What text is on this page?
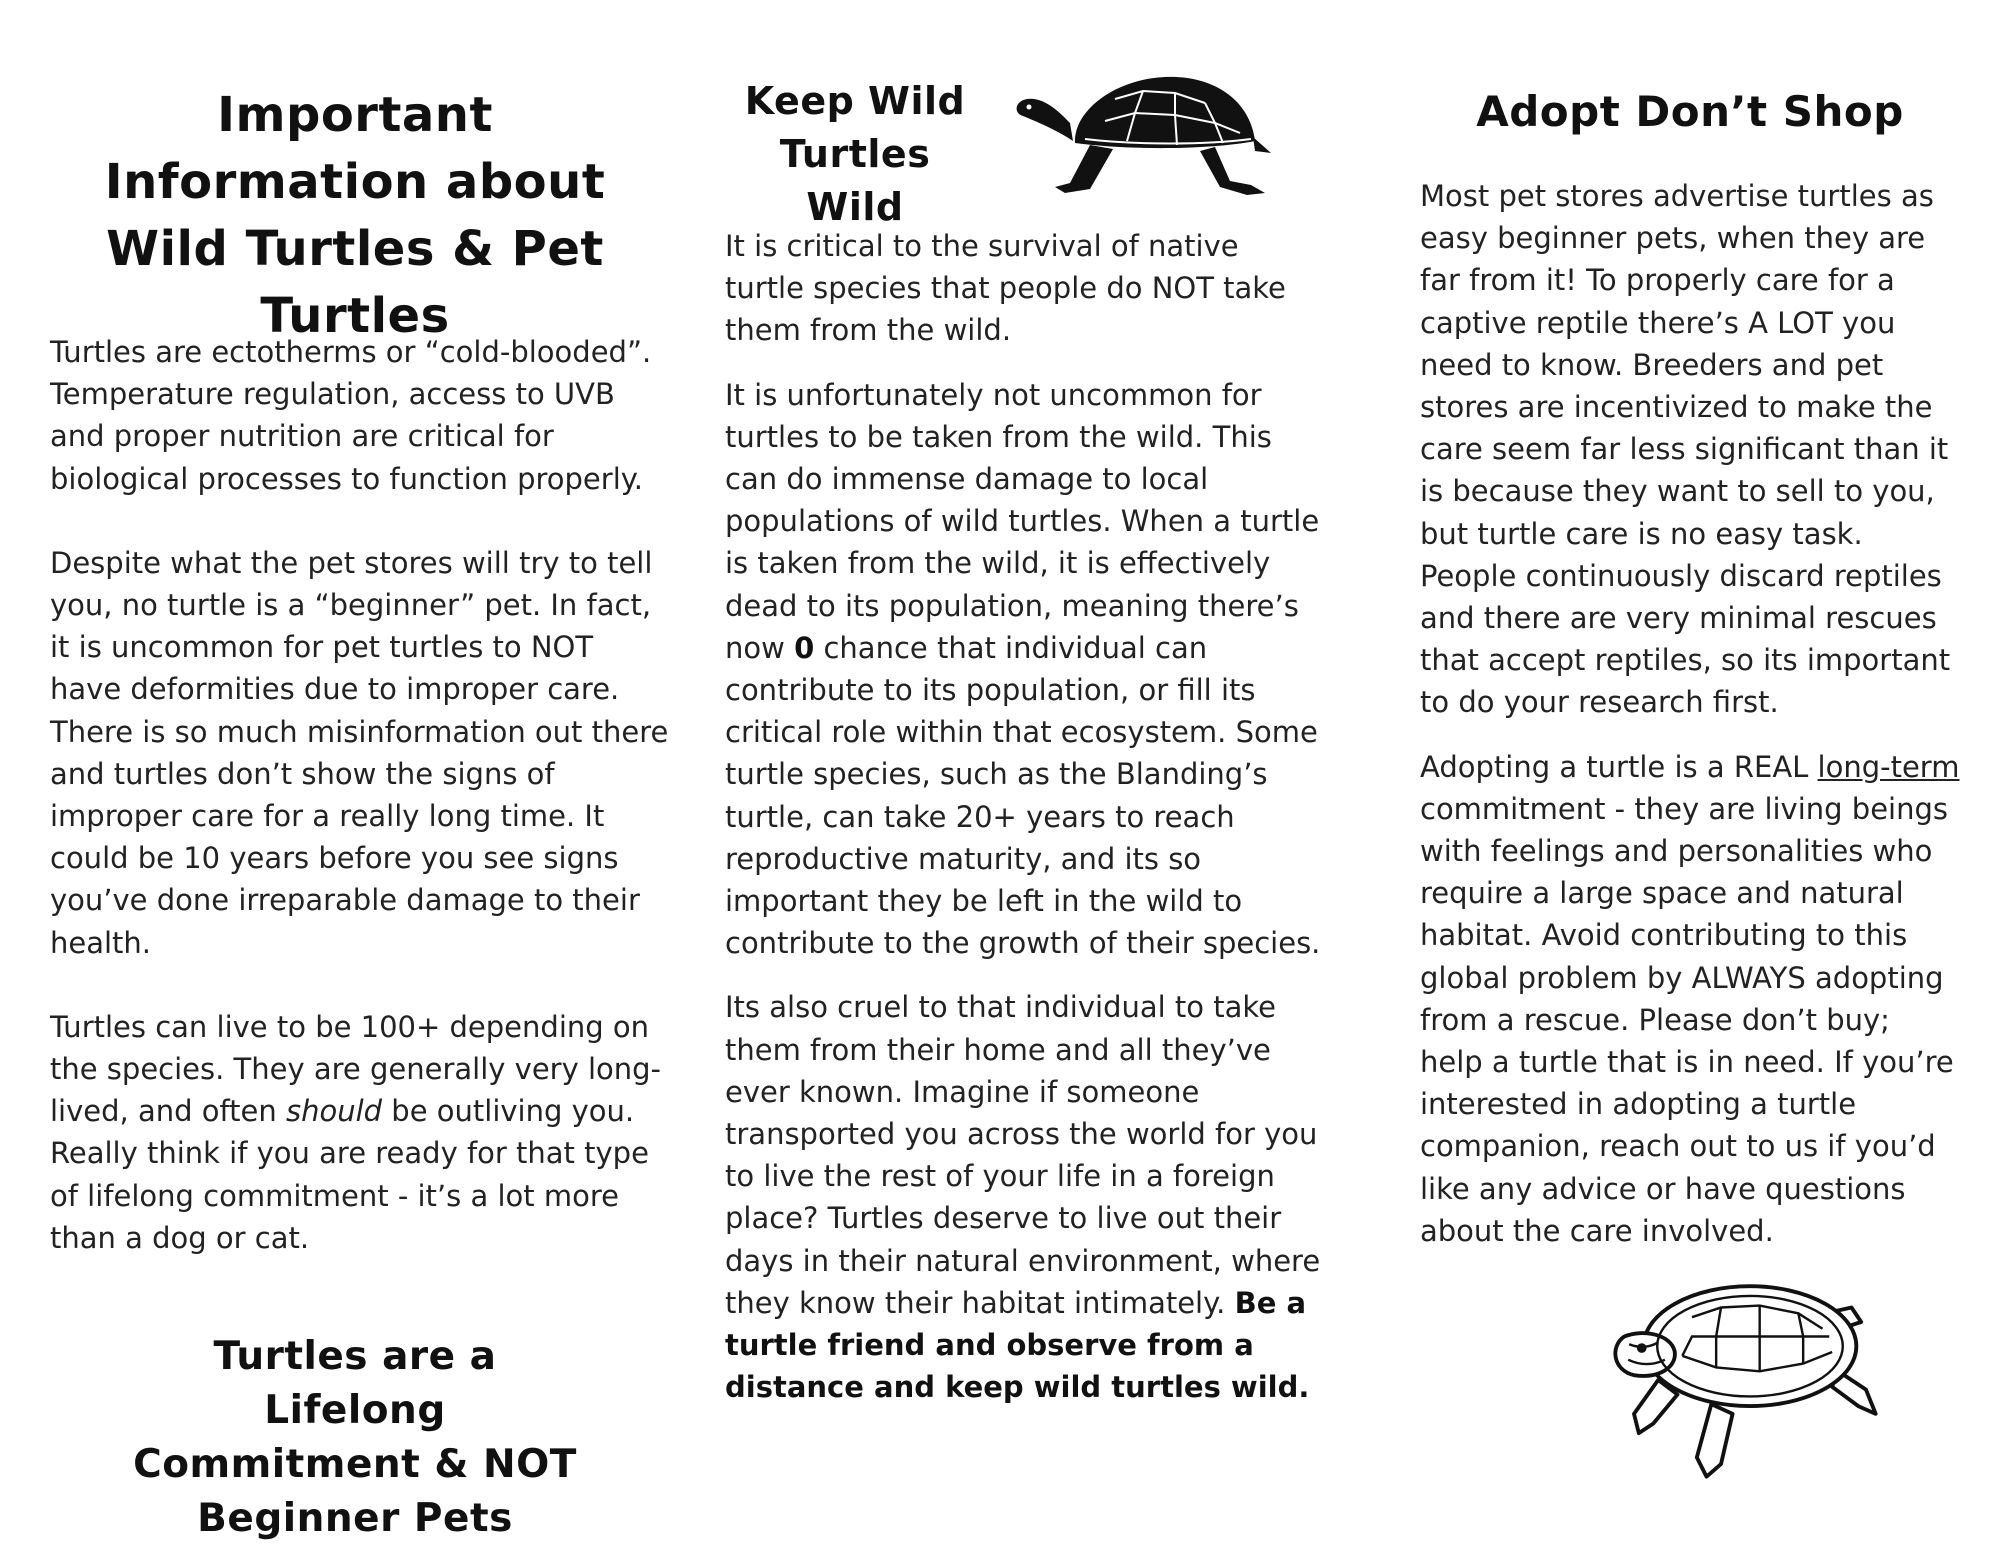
Important Information about Wild Turtles & Pet Turtles

Turtles are ectotherms or “cold-blooded”. Temperature regulation, access to UVB and proper nutrition are critical for biological processes to function properly.

Despite what the pet stores will try to tell you, no turtle is a “beginner” pet. In fact, it is uncommon for pet turtles to NOT have deformities due to improper care. There is so much misinformation out there and turtles don’t show the signs of improper care for a really long time. It could be 10 years before you see signs you’ve done irreparable damage to their health.

Turtles can live to be 100+ depending on the species. They are generally very long-lived, and often should be outliving you. Really think if you are ready for that type of lifelong commitment - it’s a lot more than a dog or cat.

Turtles are a Lifelong Commitment & NOT Beginner Pets
Keep Wild Turtles Wild

It is critical to the survival of native turtle species that people do NOT take them from the wild.

It is unfortunately not uncommon for turtles to be taken from the wild. This can do immense damage to local populations of wild turtles. When a turtle is taken from the wild, it is effectively dead to its population, meaning there’s now 0 chance that individual can contribute to its population, or fill its critical role within that ecosystem. Some turtle species, such as the Blanding’s turtle, can take 20+ years to reach reproductive maturity, and its so important they be left in the wild to contribute to the growth of their species.

Its also cruel to that individual to take them from their home and all they’ve ever known. Imagine if someone transported you across the world for you to live the rest of your life in a foreign place? Turtles deserve to live out their days in their natural environment, where they know their habitat intimately. Be a turtle friend and observe from a distance and keep wild turtles wild.

Adopt Don’t Shop

Most pet stores advertise turtles as easy beginner pets, when they are far from it! To properly care for a captive reptile there’s A LOT you need to know. Breeders and pet stores are incentivized to make the care seem far less significant than it is because they want to sell to you, but turtle care is no easy task. People continuously discard reptiles and there are very minimal rescues that accept reptiles, so its important to do your research first.

Adopting a turtle is a REAL long-term commitment - they are living beings with feelings and personalities who require a large space and natural habitat. Avoid contributing to this global problem by ALWAYS adopting from a rescue. Please don’t buy; help a turtle that is in need. If you’re interested in adopting a turtle companion, reach out to us if you’d like any advice or have questions about the care involved.
